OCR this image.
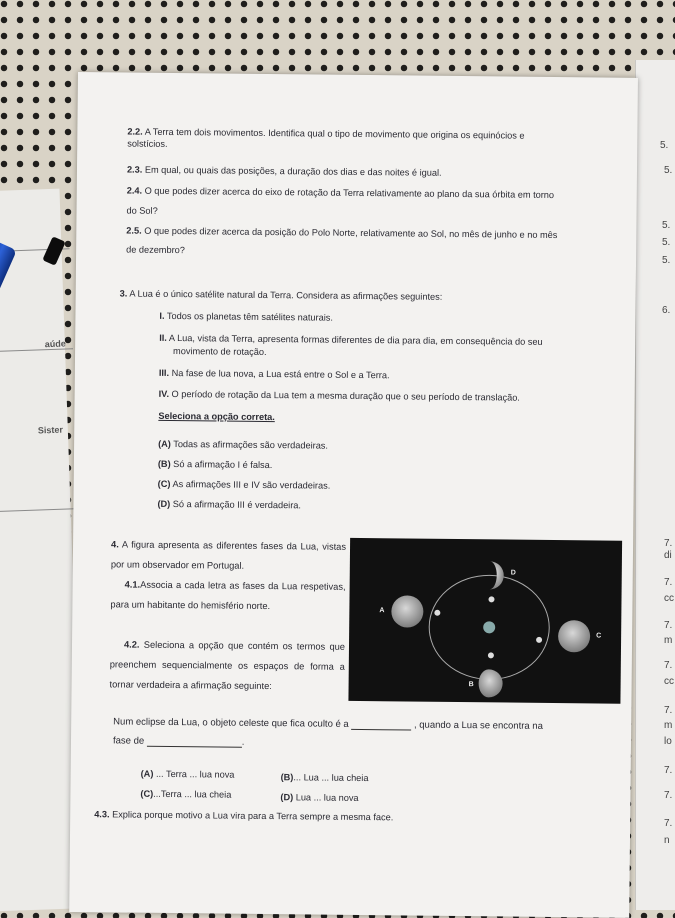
aúde
Sister
5.
5.
5.
5.
5.
6.
7.
di
7.
cc
7.
m
7.
cc
7.
m
lo
7.
7.
7.
n
2.2. A Terra tem dois movimentos. Identifica qual o tipo de movimento que origina os equinócios e
solstícios.
2.3. Em qual, ou quais das posições, a duração dos dias e das noites é igual.
2.4. O que podes dizer acerca do eixo de rotação da Terra relativamente ao plano da sua órbita em torno
do Sol?
2.5. O que podes dizer acerca da posição do Polo Norte, relativamente ao Sol, no mês de junho e no mês
de dezembro?
3. A Lua é o único satélite natural da Terra. Considera as afirmações seguintes:
I. Todos os planetas têm satélites naturais.
II. A Lua, vista da Terra, apresenta formas diferentes de dia para dia, em consequência do seu
movimento de rotação.
III. Na fase de lua nova, a Lua está entre o Sol e a Terra.
IV. O período de rotação da Lua tem a mesma duração que o seu período de translação.
Seleciona a opção correta.
(A) Todas as afirmações são verdadeiras.
(B) Só a afirmação I é falsa.
(C) As afirmações III e IV são verdadeiras.
(D) Só a afirmação III é verdadeira.
4. A figura apresenta as diferentes fases da Lua, vistas por um observador em Portugal.
4.1.Associa a cada letra as fases da Lua respetivas, para um habitante do hemisfério norte.
4.2. Seleciona a opção que contém os termos que preenchem sequencialmente os espaços de forma a tornar verdadeira a afirmação seguinte:
A
D
C
B
Num eclipse da Lua, o objeto celeste que fica oculto é a	, quando a Lua se encontra na
fase de	.
(A) ... Terra ... lua nova	(B)... Lua ... lua cheia
(C)...Terra ... lua cheia	(D) Lua ... lua nova
4.3. Explica porque motivo a Lua vira para a Terra sempre a mesma face.
